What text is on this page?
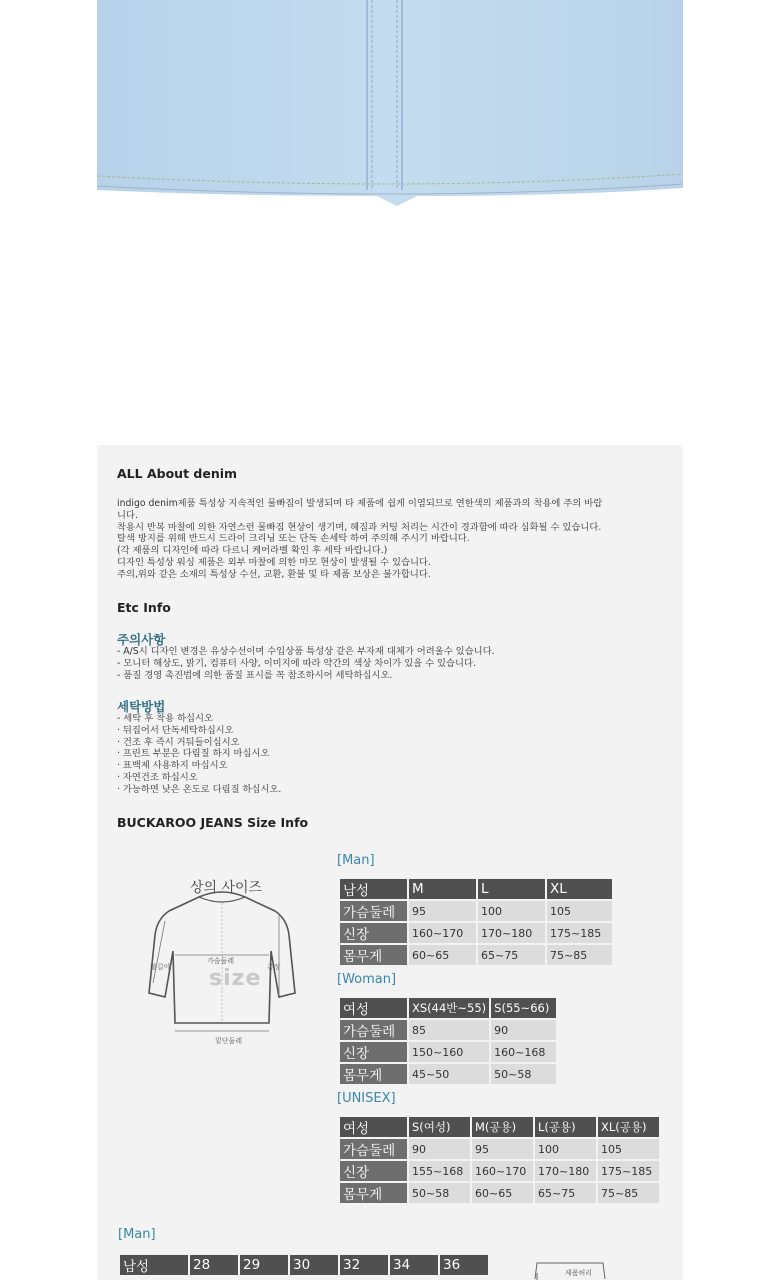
ALL About denim

indigo denim제품 특성상 지속적인 물빠짐이 발생되며 타 제품에 쉽게 이염되므로 연한색의 제품과의 착용에 주의 바랍

니다.

착용시 반복 마찰에 의한 자연스런 물빠짐 현상이 생기며, 헤짐과 커팅 처리는 시간이 경과함에 따라 심화될 수 있습니다.

탈색 방지를 위해 반드시 드라이 크리닝 또는 단독 손세탁 하여 주의해 주시기 바랍니다.

(각 제품의 디자인에 따라 다르니 케어라벨 확인 후 세탁 바랍니다.)

디자인 특성상 워싱 제품은 외부 마찰에 의한 마모 현상이 발생될 수 있습니다.

주의,위와 같은 소재의 특성상 수선, 교환, 환불 및 타 제품 보상은 불가합니다.

Etc Info
주의사항

- A/S시 디자인 변경은 유상수선이며 수입상품 특성상 같은 부자재 대체가 어려울수 있습니다.

- 모니터 해상도, 밝기, 컴퓨터 사양, 이미지에 따라 약간의 색상 차이가 있을 수 있습니다.

- 품질 경영 촉진법에 의한 품질 표시를 꼭 참조하시어 세탁하십시오.

세탁방법

- 세탁 후 착용 하십시오

· 뒤집어서 단독세탁하십시오

· 건조 후 즉시 거둬들이십시오

· 프린트 부분은 다림질 하지 마십시오

· 표백제 사용하지 마십시오

· 자연건조 하십시오

· 가능하면 낮은 온도로 다림질 하십시오.

BUCKAROO JEANS Size Info
상의 사이즈
size
팔길이
가슴둘레
총장
밑단둘레
[Man]
남성	M	L	XL
가슴둘레	95	100	105
신장	160~170	170~180	175~185
몸무게	60~65	65~75	75~85
[Woman]
여성	XS(44반~55)	S(55~66)
가슴둘레	85	90
신장	150~160	160~168
몸무게	45~50	50~58
[UNISEX]
여성	S(여성)	M(공용)	L(공용)	XL(공용)
가슴둘레	90	95	100	105
신장	155~168	160~170	170~180	175~185
몸무게	50~58	60~65	65~75	75~85
[Man]
남성	28	29	30	32	34	36	제품허리
